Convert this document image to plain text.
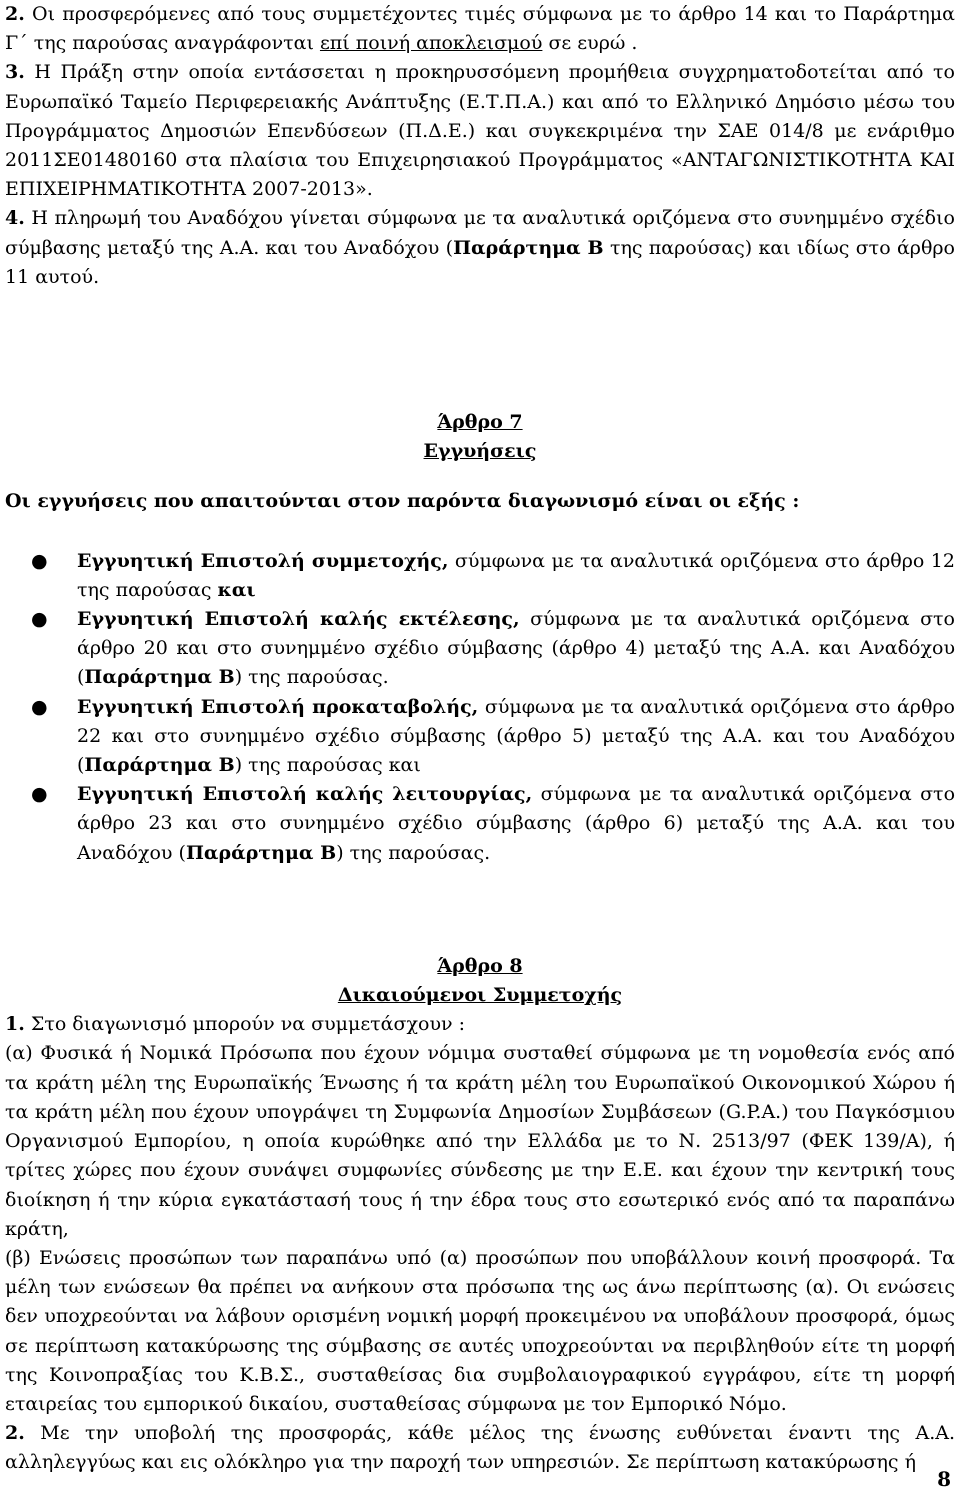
2. Οι προσφερόμενες από τους συμμετέχοντες τιμές σύμφωνα με το άρθρο 14 και το Παράρτημα Γ΄ της παρούσας αναγράφονται επί ποινή αποκλεισμού σε ευρώ .

3. Η Πράξη στην οποία εντάσσεται η προκηρυσσόμενη προμήθεια συγχρηματοδοτείται από το Ευρωπαϊκό Ταμείο Περιφερειακής Ανάπτυξης (Ε.Τ.Π.Α.) και από το Ελληνικό Δημόσιο μέσω του Προγράμματος Δημοσιών Επενδύσεων (Π.Δ.Ε.) και συγκεκριμένα την ΣΑΕ 014/8 με ενάριθμο 2011ΣΕ01480160 στα πλαίσια του Επιχειρησιακού Προγράμματος «ΑΝΤΑΓΩΝΙΣΤΙΚΟΤΗΤΑ ΚΑΙ ΕΠΙΧΕΙΡΗΜΑΤΙΚΟΤΗΤΑ 2007-2013».

4. Η πληρωμή του Αναδόχου γίνεται σύμφωνα με τα αναλυτικά οριζόμενα στο συνημμένο σχέδιο σύμβασης μεταξύ της Α.Α. και του Αναδόχου (Παράρτημα Β της παρούσας) και ιδίως στο άρθρο 11 αυτού.

Άρθρο 7

Εγγυήσεις

Οι εγγυήσεις που απαιτούνται στον παρόντα διαγωνισμό είναι οι εξής :

● Εγγυητική Επιστολή συμμετοχής, σύμφωνα με τα αναλυτικά οριζόμενα στο άρθρο 12 της παρούσας και
● Εγγυητική Επιστολή καλής εκτέλεσης, σύμφωνα με τα αναλυτικά οριζόμενα στο άρθρο 20 και στο συνημμένο σχέδιο σύμβασης (άρθρο 4) μεταξύ της Α.Α. και Αναδόχου (Παράρτημα Β) της παρούσας.
● Εγγυητική Επιστολή προκαταβολής, σύμφωνα με τα αναλυτικά οριζόμενα στο άρθρο 22 και στο συνημμένο σχέδιο σύμβασης (άρθρο 5) μεταξύ της Α.Α. και του Αναδόχου (Παράρτημα Β) της παρούσας και
● Εγγυητική Επιστολή καλής λειτουργίας, σύμφωνα με τα αναλυτικά οριζόμενα στο άρθρο 23 και στο συνημμένο σχέδιο σύμβασης (άρθρο 6) μεταξύ της Α.Α. και του Αναδόχου (Παράρτημα Β) της παρούσας.

Άρθρο 8

Δικαιούμενοι Συμμετοχής

1. Στο διαγωνισμό μπορούν να συμμετάσχουν :

(α) Φυσικά ή Νομικά Πρόσωπα που έχουν νόμιμα συσταθεί σύμφωνα με τη νομοθεσία ενός από τα κράτη μέλη της Ευρωπαϊκής Ένωσης ή τα κράτη μέλη του Ευρωπαϊκού Οικονομικού Χώρου ή τα κράτη μέλη που έχουν υπογράψει τη Συμφωνία Δημοσίων Συμβάσεων (G.P.A.) του Παγκόσμιου Οργανισμού Εμπορίου, η οποία κυρώθηκε από την Ελλάδα με το Ν. 2513/97 (ΦΕΚ 139/Α), ή τρίτες χώρες που έχουν συνάψει συμφωνίες σύνδεσης με την Ε.Ε. και έχουν την κεντρική τους διοίκηση ή την κύρια εγκατάστασή τους ή την έδρα τους στο εσωτερικό ενός από τα παραπάνω κράτη,

(β) Ενώσεις προσώπων των παραπάνω υπό (α) προσώπων που υποβάλλουν κοινή προσφορά. Τα μέλη των ενώσεων θα πρέπει να ανήκουν στα πρόσωπα της ως άνω περίπτωσης (α). Οι ενώσεις δεν υποχρεούνται να λάβουν ορισμένη νομική μορφή προκειμένου να υποβάλουν προσφορά, όμως σε περίπτωση κατακύρωσης της σύμβασης σε αυτές υποχρεούνται να περιβληθούν είτε τη μορφή της Κοινοπραξίας του Κ.Β.Σ., συσταθείσας δια συμβολαιογραφικού εγγράφου, είτε τη μορφή εταιρείας του εμπορικού δικαίου, συσταθείσας σύμφωνα με τον Εμπορικό Νόμο.

2. Με την υποβολή της προσφοράς, κάθε μέλος της ένωσης ευθύνεται έναντι της Α.Α. αλληλεγγύως και εις ολόκληρο για την παροχή των υπηρεσιών. Σε περίπτωση κατακύρωσης ή

8
